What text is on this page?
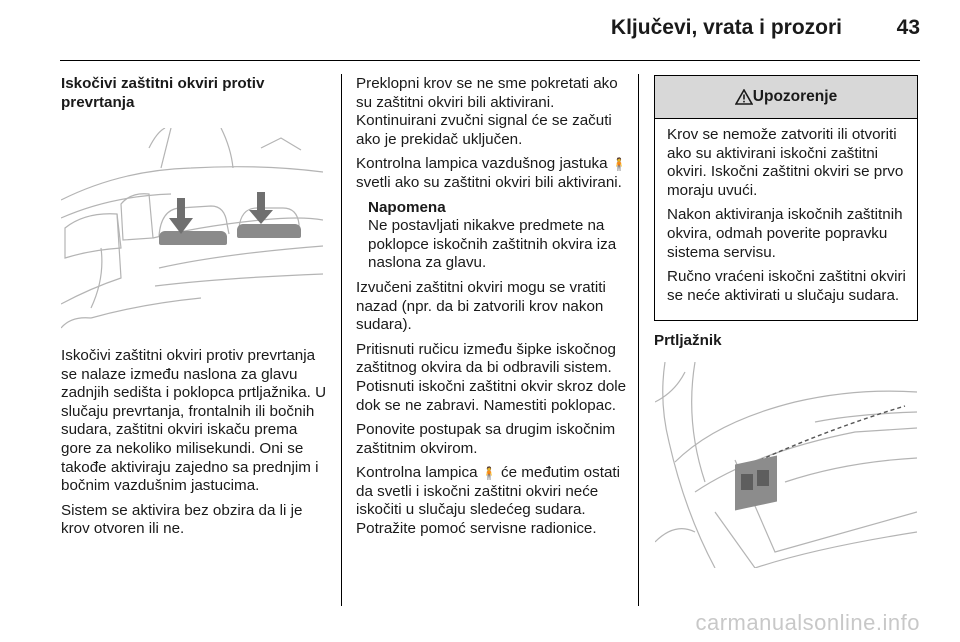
Ključevi, vrata i prozori	43
Iskočivi zaštitni okviri protiv prevrtanja

Iskočivi zaštitni okviri protiv prevrtanja se nalaze između naslona za glavu zadnjih sedišta i poklopca prtljažnika. U slučaju prevrtanja, frontalnih ili bočnih sudara, zaštitni okviri iskaču prema gore za nekoliko milisekundi. Oni se takođe aktiviraju zajedno sa prednjim i bočnim vazdušnim jastucima.

Sistem se aktivira bez obzira da li je krov otvoren ili ne.

Preklopni krov se ne sme pokretati ako su zaštitni okviri bili aktivirani. Kontinuirani zvučni signal će se začuti ako je prekidač uključen.

Kontrolna lampica vazdušnog jastuka 🧍 svetli ako su zaštitni okviri bili aktivirani.

Napomena
Ne postavljati nikakve predmete na poklopce iskočnih zaštitnih okvira iza naslona za glavu.

Izvučeni zaštitni okviri mogu se vratiti nazad (npr. da bi zatvorili krov nakon sudara).

Pritisnuti ručicu između šipke iskočnog zaštitnog okvira da bi odbravili sistem. Potisnuti iskočni zaštitni okvir skroz dole dok se ne zabravi. Namestiti poklopac.

Ponovite postupak sa drugim iskočnim zaštitnim okvirom.

Kontrolna lampica 🧍 će međutim ostati da svetli i iskočni zaštitni okviri neće iskočiti u slučaju sledećeg sudara. Potražite pomoć servisne radionice.

Upozorenje

Krov se nemože zatvoriti ili otvoriti ako su aktivirani iskočni zaštitni okviri. Iskočni zaštitni okviri se prvo moraju uvući.

Nakon aktiviranja iskočnih zaštitnih okvira, odmah poverite popravku sistema servisu.

Ručno vraćeni iskočni zaštitni okviri se neće aktivirati u slučaju sudara.

Prtljažnik
carmanualsonline.info
